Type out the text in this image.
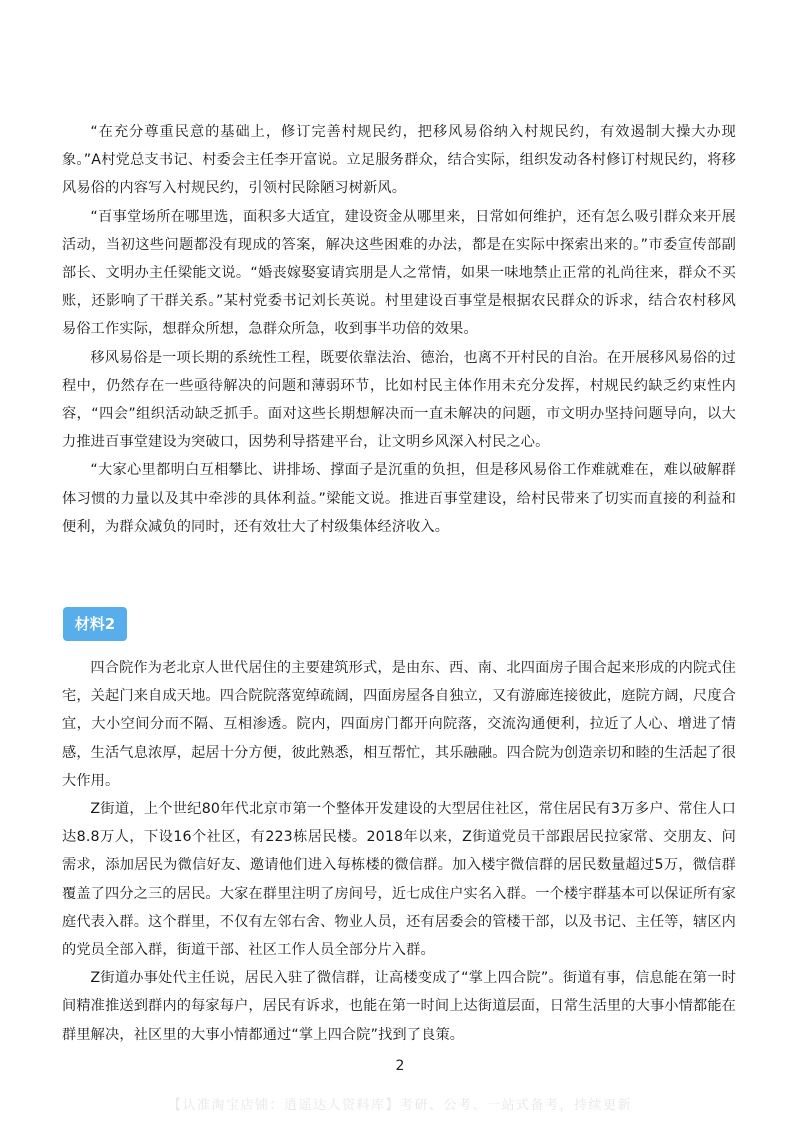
“在充分尊重民意的基础上，修订完善村规民约，把移风易俗纳入村规民约，有效遏制大操大办现象。”A村党总支书记、村委会主任李开富说。立足服务群众，结合实际，组织发动各村修订村规民约，将移风易俗的内容写入村规民约，引领村民除陋习树新风。

“百事堂场所在哪里选，面积多大适宜，建设资金从哪里来，日常如何维护，还有怎么吸引群众来开展活动，当初这些问题都没有现成的答案，解决这些困难的办法，都是在实际中探索出来的。”市委宣传部副部长、文明办主任梁能文说。“婚丧嫁娶宴请宾朋是人之常情，如果一味地禁止正常的礼尚往来，群众不买账，还影响了干群关系。”某村党委书记刘长英说。村里建设百事堂是根据农民群众的诉求，结合农村移风易俗工作实际，想群众所想，急群众所急，收到事半功倍的效果。

移风易俗是一项长期的系统性工程，既要依靠法治、德治，也离不开村民的自治。在开展移风易俗的过程中，仍然存在一些亟待解决的问题和薄弱环节，比如村民主体作用未充分发挥，村规民约缺乏约束性内容，“四会”组织活动缺乏抓手。面对这些长期想解决而一直未解决的问题，市文明办坚持问题导向，以大力推进百事堂建设为突破口，因势利导搭建平台，让文明乡风深入村民之心。

“大家心里都明白互相攀比、讲排场、撑面子是沉重的负担，但是移风易俗工作难就难在，难以破解群体习惯的力量以及其中牵涉的具体利益。”梁能文说。推进百事堂建设，给村民带来了切实而直接的利益和便利，为群众减负的同时，还有效壮大了村级集体经济收入。

材料2

四合院作为老北京人世代居住的主要建筑形式，是由东、西、南、北四面房子围合起来形成的内院式住宅，关起门来自成天地。四合院院落宽绰疏阔，四面房屋各自独立，又有游廊连接彼此，庭院方阔，尺度合宜，大小空间分而不隔、互相渗透。院内，四面房门都开向院落，交流沟通便利，拉近了人心、增进了情感，生活气息浓厚，起居十分方便，彼此熟悉，相互帮忙，其乐融融。四合院为创造亲切和睦的生活起了很大作用。

Z街道，上个世纪80年代北京市第一个整体开发建设的大型居住社区，常住居民有3万多户、常住人口达8.8万人，下设16个社区，有223栋居民楼。2018年以来，Z街道党员干部跟居民拉家常、交朋友、问需求，添加居民为微信好友、邀请他们进入每栋楼的微信群。加入楼宇微信群的居民数量超过5万，微信群覆盖了四分之三的居民。大家在群里注明了房间号，近七成住户实名入群。一个楼宇群基本可以保证所有家庭代表入群。这个群里，不仅有左邻右舍、物业人员，还有居委会的管楼干部，以及书记、主任等，辖区内的党员全部入群，街道干部、社区工作人员全部分片入群。

Z街道办事处代主任说，居民入驻了微信群，让高楼变成了“掌上四合院”。街道有事，信息能在第一时间精准推送到群内的每家每户，居民有诉求，也能在第一时间上达街道层面，日常生活里的大事小情都能在群里解决，社区里的大事小情都通过“掌上四合院”找到了良策。

2
【认准淘宝店铺：逍遥达人资料库】考研、公考、一站式备考，持续更新
